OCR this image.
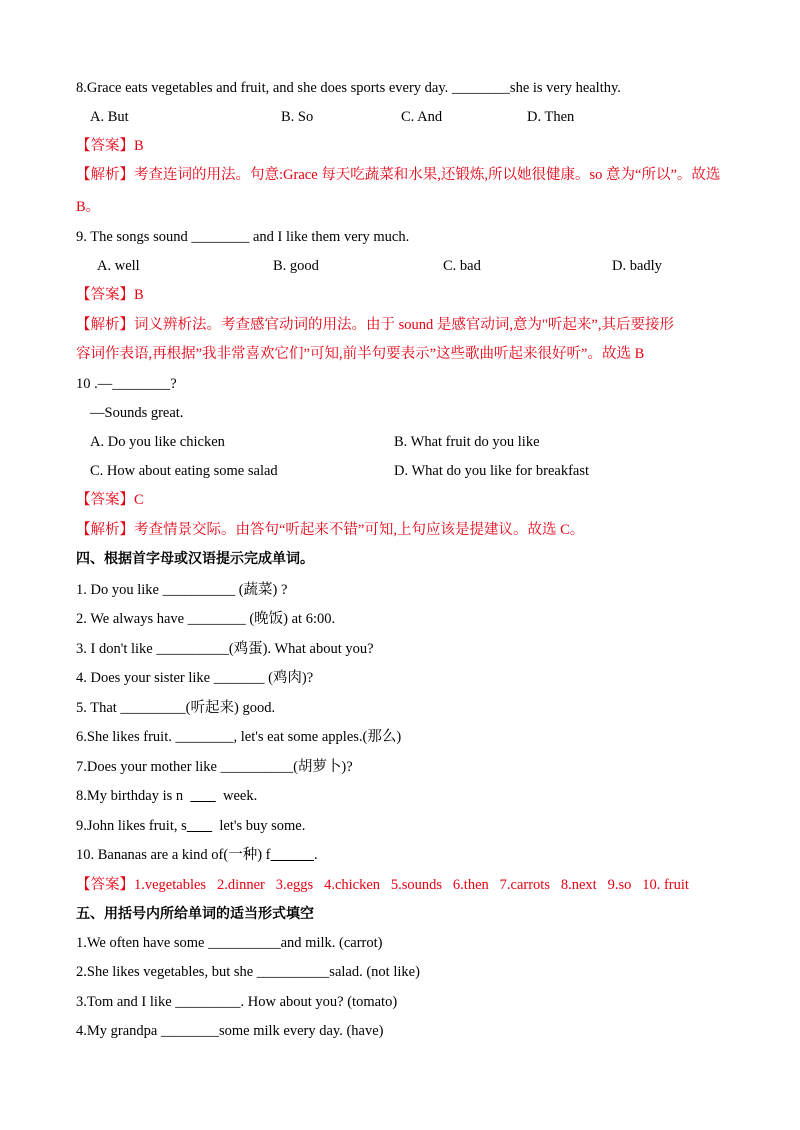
8.Grace eats vegetables and fruit, and she does sports every day. ________she is very healthy.
A. But	B. So	C. And	D. Then
【答案】B
【解析】考查连词的用法。句意:Grace 每天吃蔬菜和水果,还锻炼,所以她很健康。so 意为“所以”。故选
B。
9. The songs sound ________ and I like them very much.
A. well	B. good	C. bad	D. badly
【答案】B
【解析】词义辨析法。考查感官动词的用法。由于 sound 是感官动词,意为"听起来”,其后要接形
容词作表语,再根据”我非常喜欢它们”可知,前半句要表示”这些歌曲听起来很好听”。故选 B
10 .—________?
—Sounds great.
A. Do you like chicken	B. What fruit do you like
C. How about eating some salad	D. What do you like for breakfast
【答案】C
【解析】考查情景交际。由答句“听起来不错”可知,上句应该是提建议。故选 C。
四、根据首字母或汉语提示完成单词。
1. Do you like __________ (蔬菜) ?
2. We always have ________ (晚饭) at 6:00.
3. I don't like __________(鸡蛋). What about you?
4. Does your sister like _______ (鸡肉)?
5. That _________(听起来) good.
6.She likes fruit. ________, let's eat some apples.(那么)
7.Does your mother like __________(胡萝卜)?
8.My birthday is n           week.
9.John likes fruit, s         let's buy some.
10. Bananas are a kind of(一种) f	.
【答案】1.vegetables   2.dinner   3.eggs   4.chicken   5.sounds   6.then   7.carrots   8.next   9.so   10. fruit
五、用括号内所给单词的适当形式填空
1.We often have some __________and milk. (carrot)
2.She likes vegetables, but she __________salad. (not like)
3.Tom and I like _________. How about you? (tomato)
4.My grandpa ________some milk every day. (have)
